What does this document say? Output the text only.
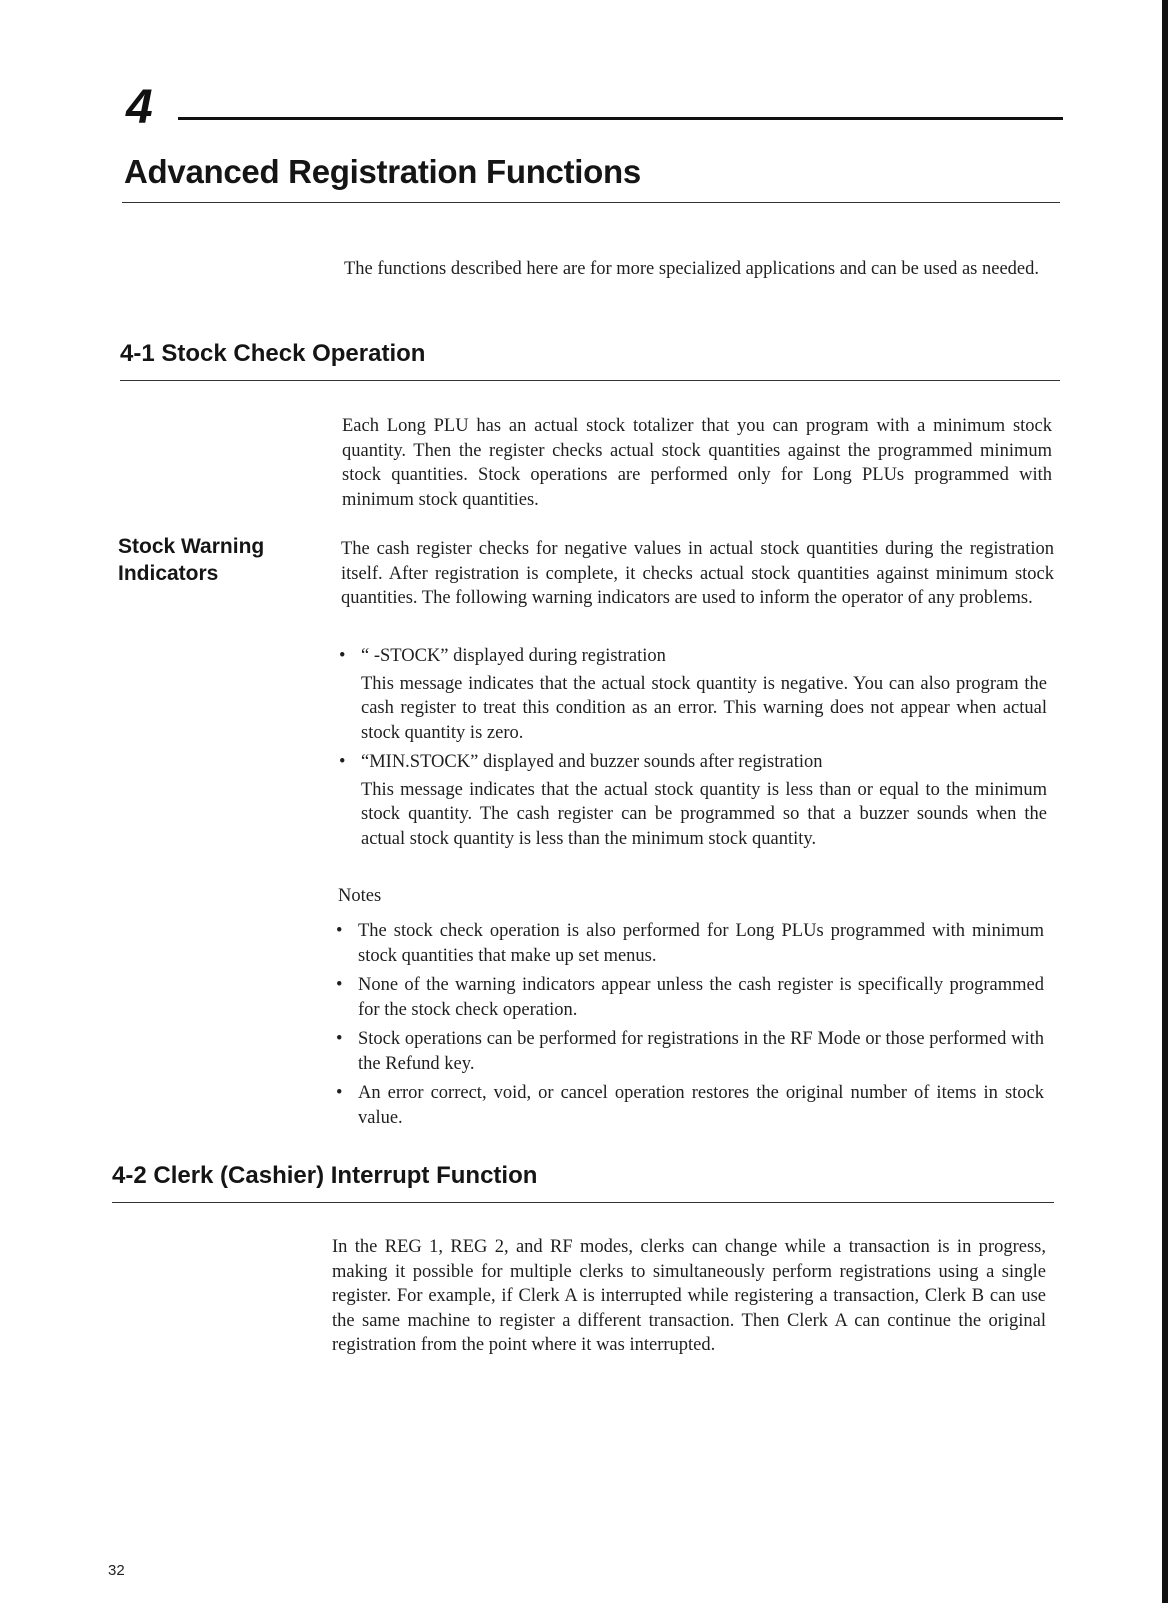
4
Advanced Registration Functions

The functions described here are for more specialized applications and can be used as needed.

4-1 Stock Check Operation

Each Long PLU has an actual stock totalizer that you can program with a minimum stock quantity. Then the register checks actual stock quantities against the programmed minimum stock quantities. Stock operations are performed only for Long PLUs programmed with minimum stock quantities.

Stock Warning
Indicators

The cash register checks for negative values in actual stock quantities during the registration itself. After registration is complete, it checks actual stock quantities against minimum stock quantities. The following warning indicators are used to inform the operator of any problems.

• “ -STOCK” displayed during registration

This message indicates that the actual stock quantity is negative. You can also program the cash register to treat this condition as an error. This warning does not appear when actual stock quantity is zero.

• “MIN.STOCK” displayed and buzzer sounds after registration

This message indicates that the actual stock quantity is less than or equal to the minimum stock quantity. The cash register can be programmed so that a buzzer sounds when the actual stock quantity is less than the minimum stock quantity.

Notes

• The stock check operation is also performed for Long PLUs programmed with minimum stock quantities that make up set menus.
• None of the warning indicators appear unless the cash register is specifically programmed for the stock check operation.
• Stock operations can be performed for registrations in the RF Mode or those performed with the Refund key.
• An error correct, void, or cancel operation restores the original number of items in stock value.
4-2 Clerk (Cashier) Interrupt Function

In the REG 1, REG 2, and RF modes, clerks can change while a transaction is in progress, making it possible for multiple clerks to simultaneously perform registrations using a single register. For example, if Clerk A is interrupted while registering a transaction, Clerk B can use the same machine to register a different transaction. Then Clerk A can continue the original registration from the point where it was interrupted.

32
